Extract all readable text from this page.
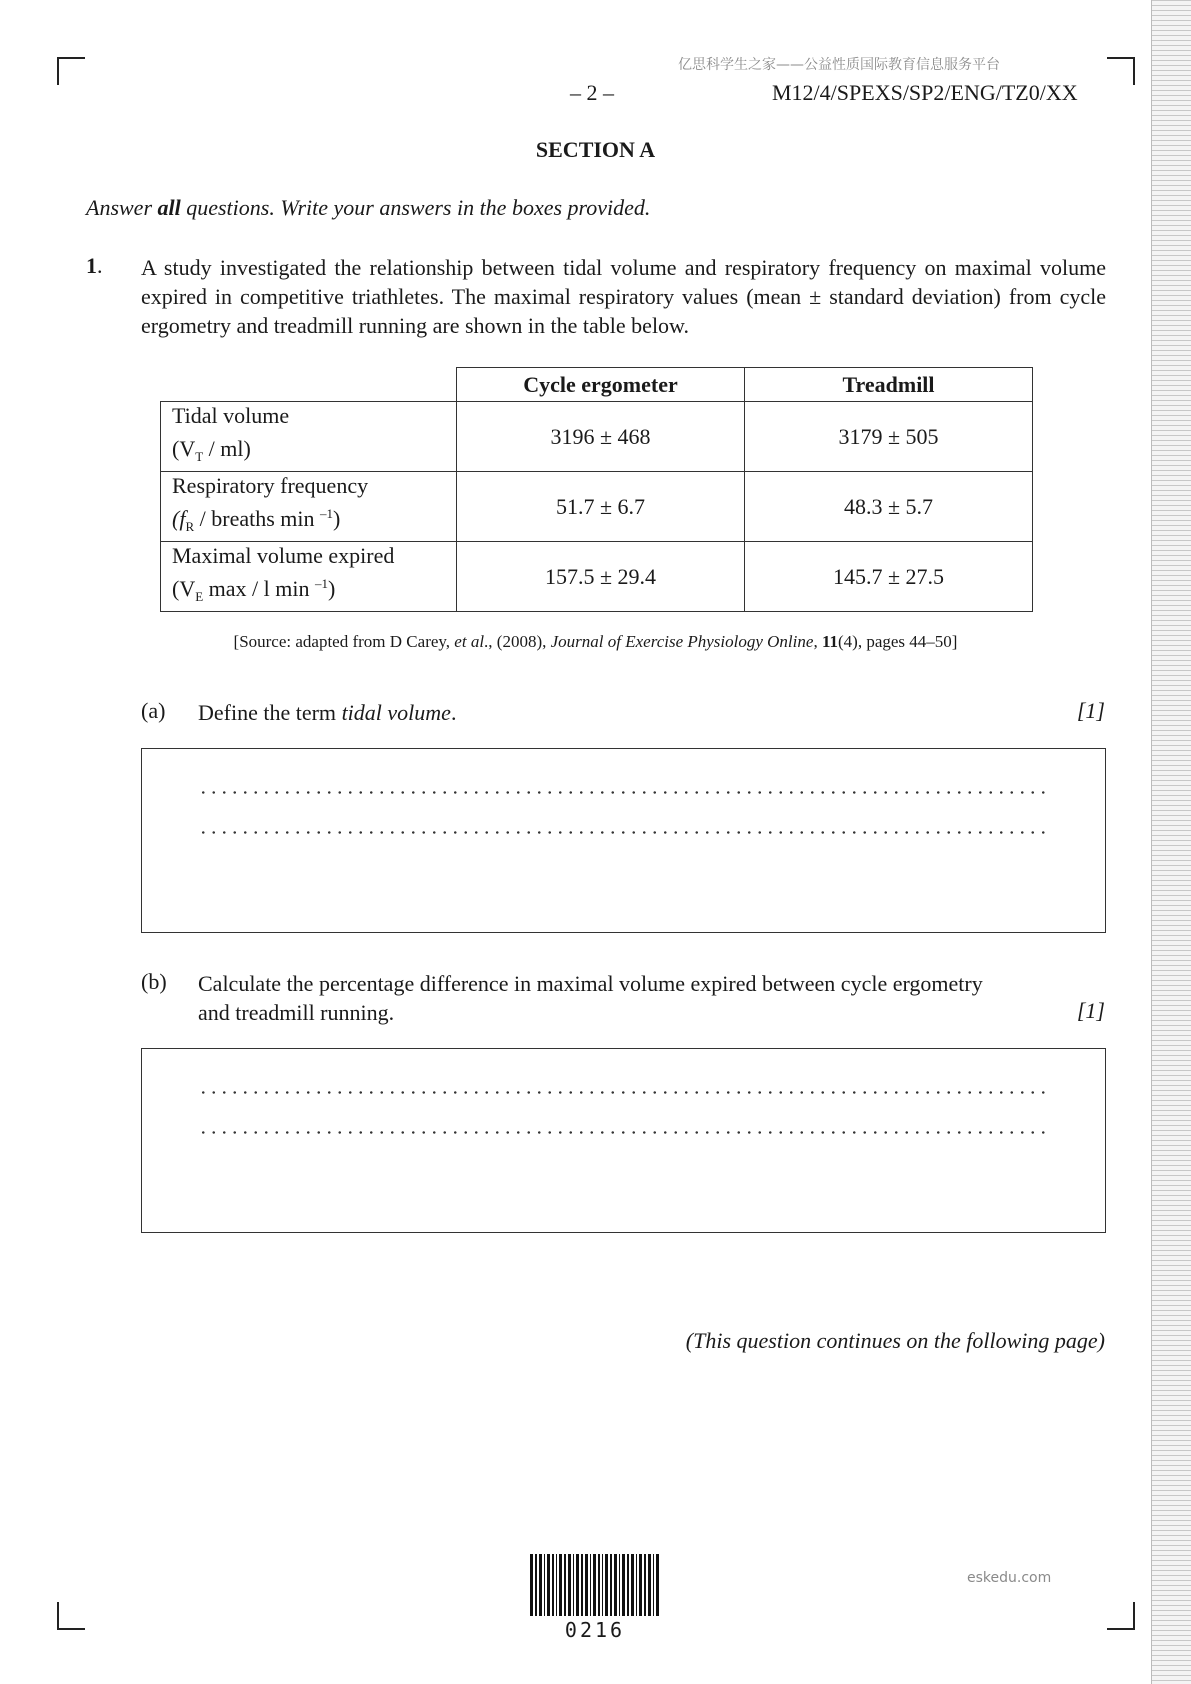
亿思科学生之家——公益性质国际教育信息服务平台
– 2 –	M12/4/SPEXS/SP2/ENG/TZ0/XX
SECTION A
Answer all questions. Write your answers in the boxes provided.
1. A study investigated the relationship between tidal volume and respiratory frequency on maximal volume expired in competitive triathletes. The maximal respiratory values (mean ± standard deviation) from cycle ergometry and treadmill running are shown in the table below.
	Cycle ergometer	Treadmill

Tidal volume
$(V_T / ml)$	3196 ± 468	3179 ± 505

Respiratory frequency
($f_R$ / breaths min $^{-1}$)	51.7 ± 6.7	48.3 ± 5.7

Maximal volume expired
($V_E$ max / l min $^{-1}$)	157.5 ± 29.4	145.7 ± 27.5
[Source: adapted from D Carey, et al., (2008), Journal of Exercise Physiology Online, 11(4), pages 44–50]
(a) Define the term tidal volume.	[1]
(b) Calculate the percentage difference in maximal volume expired between cycle ergometry
and treadmill running.	[1]
(This question continues on the following page)
0216
eskedu.com
